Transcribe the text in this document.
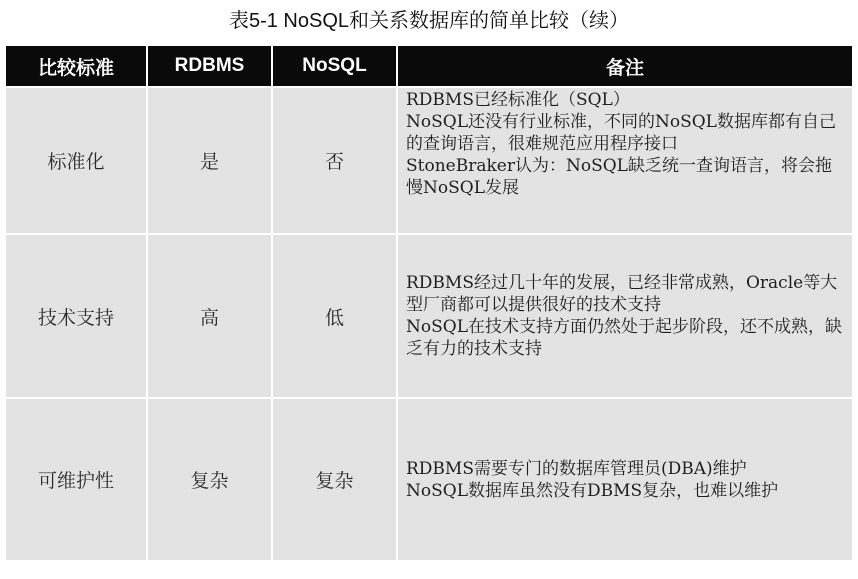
表5-1 NoSQL和关系数据库的简单比较（续）
比较标准	RDBMS	NoSQL	备注
标准化	是	否	RDBMS已经标准化（SQL）
NoSQL还没有行业标准，不同的NoSQL数据库都有自己的查询语言，很难规范应用程序接口
StoneBraker认为：NoSQL缺乏统一查询语言，将会拖慢NoSQL发展

技术支持	高	低	RDBMS经过几十年的发展，已经非常成熟，Oracle等大型厂商都可以提供很好的技术支持
NoSQL在技术支持方面仍然处于起步阶段，还不成熟，缺乏有力的技术支持

可维护性	复杂	复杂	RDBMS需要专门的数据库管理员(DBA)维护
NoSQL数据库虽然没有DBMS复杂，也难以维护
